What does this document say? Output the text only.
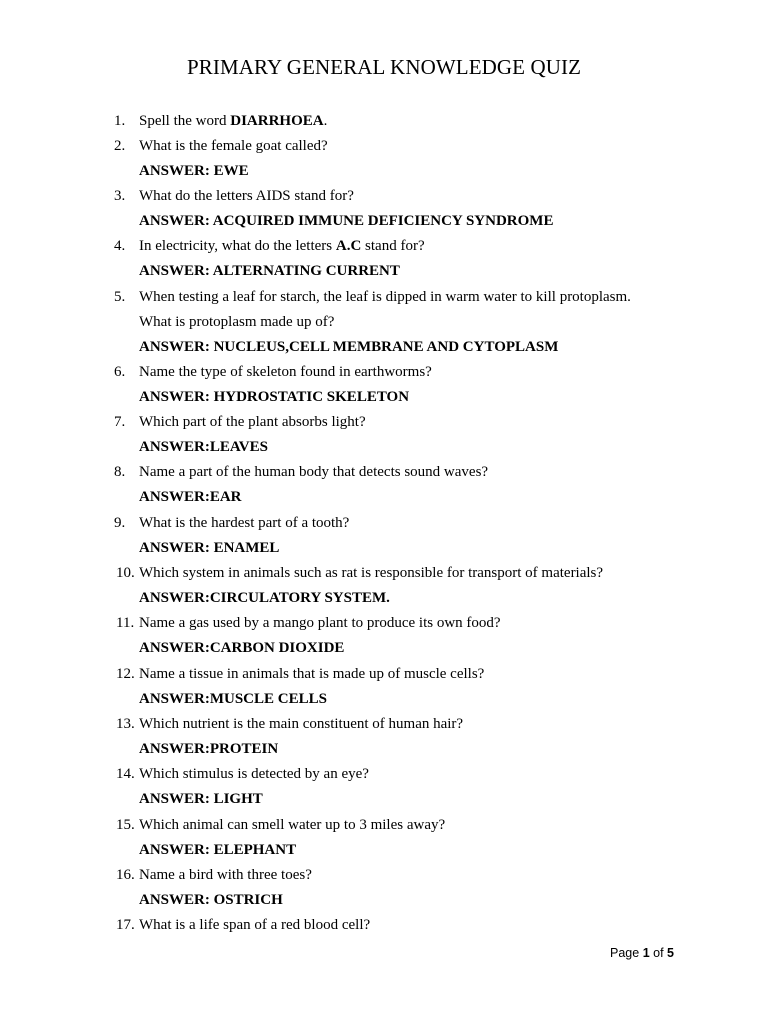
PRIMARY GENERAL KNOWLEDGE QUIZ
1. Spell the word DIARRHOEA.
2. What is the female goat called?
ANSWER: EWE
3. What do the letters AIDS stand for?
ANSWER: ACQUIRED IMMUNE DEFICIENCY SYNDROME
4. In electricity, what do the letters A.C stand for?
ANSWER: ALTERNATING CURRENT
5. When testing a leaf for starch, the leaf is dipped in warm water to kill protoplasm.
What is protoplasm made up of?
ANSWER: NUCLEUS,CELL MEMBRANE AND CYTOPLASM
6. Name the type of skeleton found in earthworms?
ANSWER: HYDROSTATIC SKELETON
7. Which part of the plant absorbs light?
ANSWER:LEAVES
8. Name a part of the human body that detects sound waves?
ANSWER:EAR
9. What is the hardest part of a tooth?
ANSWER: ENAMEL
10. Which system in animals such as rat is responsible for transport of materials?
ANSWER:CIRCULATORY SYSTEM.
11. Name a gas used by a mango plant to produce its own food?
ANSWER:CARBON DIOXIDE
12. Name a tissue in animals that is made up of muscle cells?
ANSWER:MUSCLE CELLS
13. Which nutrient is the main constituent of human hair?
ANSWER:PROTEIN
14. Which stimulus is detected by an eye?
ANSWER: LIGHT
15. Which animal can smell water up to 3 miles away?
ANSWER: ELEPHANT
16. Name a bird with three toes?
ANSWER: OSTRICH
17. What is a life span of a red blood cell?
Page 1 of 5
